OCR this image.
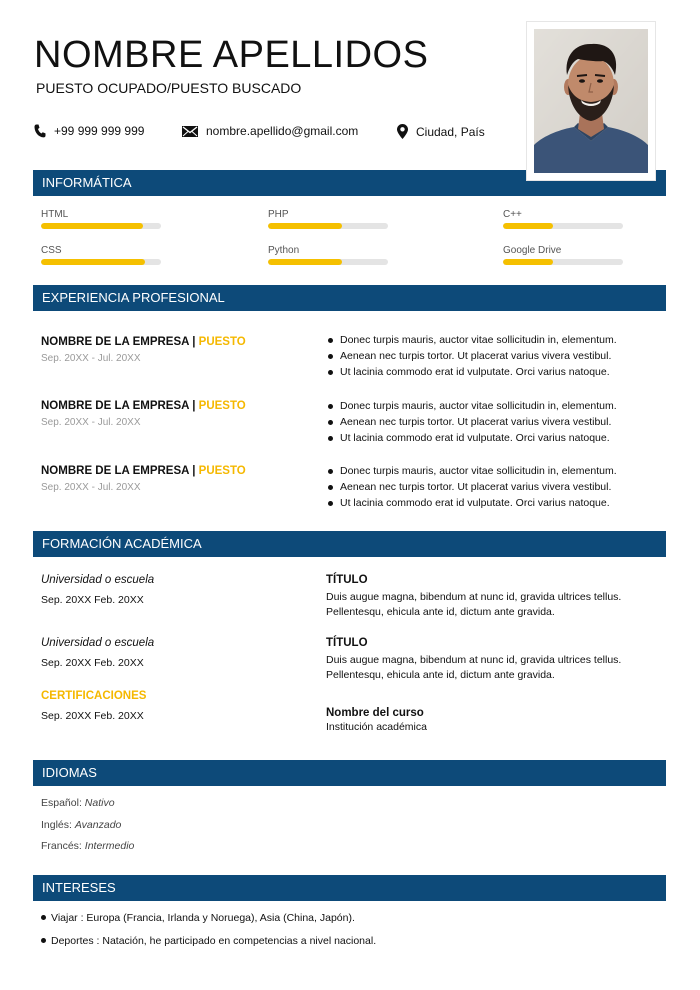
NOMBRE APELLIDOS
PUESTO OCUPADO/PUESTO BUSCADO
+99 999 999 999	nombre.apellido@gmail.com	Ciudad, País
INFORMÁTICA
HTML	PHP	C++
CSS	Python	Google Drive
EXPERIENCIA PROFESIONAL
NOMBRE DE LA EMPRESA | PUESTO
Sep. 20XX - Jul. 20XX
Donec turpis mauris, auctor vitae sollicitudin in, elementum.
Aenean nec turpis tortor. Ut placerat varius vivera vestibul.
Ut lacinia commodo erat id vulputate. Orci varius natoque.
NOMBRE DE LA EMPRESA | PUESTO
Sep. 20XX - Jul. 20XX
Donec turpis mauris, auctor vitae sollicitudin in, elementum.
Aenean nec turpis tortor. Ut placerat varius vivera vestibul.
Ut lacinia commodo erat id vulputate. Orci varius natoque.
NOMBRE DE LA EMPRESA | PUESTO
Sep. 20XX - Jul. 20XX
Donec turpis mauris, auctor vitae sollicitudin in, elementum.
Aenean nec turpis tortor. Ut placerat varius vivera vestibul.
Ut lacinia commodo erat id vulputate. Orci varius natoque.
FORMACIÓN ACADÉMICA
Universidad o escuela
Sep. 20XX Feb. 20XX
TÍTULO
Duis augue magna, bibendum at nunc id, gravida ultrices tellus.
Pellentesqu, ehicula ante id, dictum ante gravida.
Universidad o escuela
Sep. 20XX Feb. 20XX
TÍTULO
Duis augue magna, bibendum at nunc id, gravida ultrices tellus.
Pellentesqu, ehicula ante id, dictum ante gravida.
CERTIFICACIONES
Sep. 20XX Feb. 20XX	Nombre del curso
Institución académica
IDIOMAS
Español: Nativo
Inglés: Avanzado
Francés: Intermedio
INTERESES
Viajar : Europa (Francia, Irlanda y Noruega), Asia (China, Japón).
Deportes : Natación, he participado en competencias a nivel nacional.
